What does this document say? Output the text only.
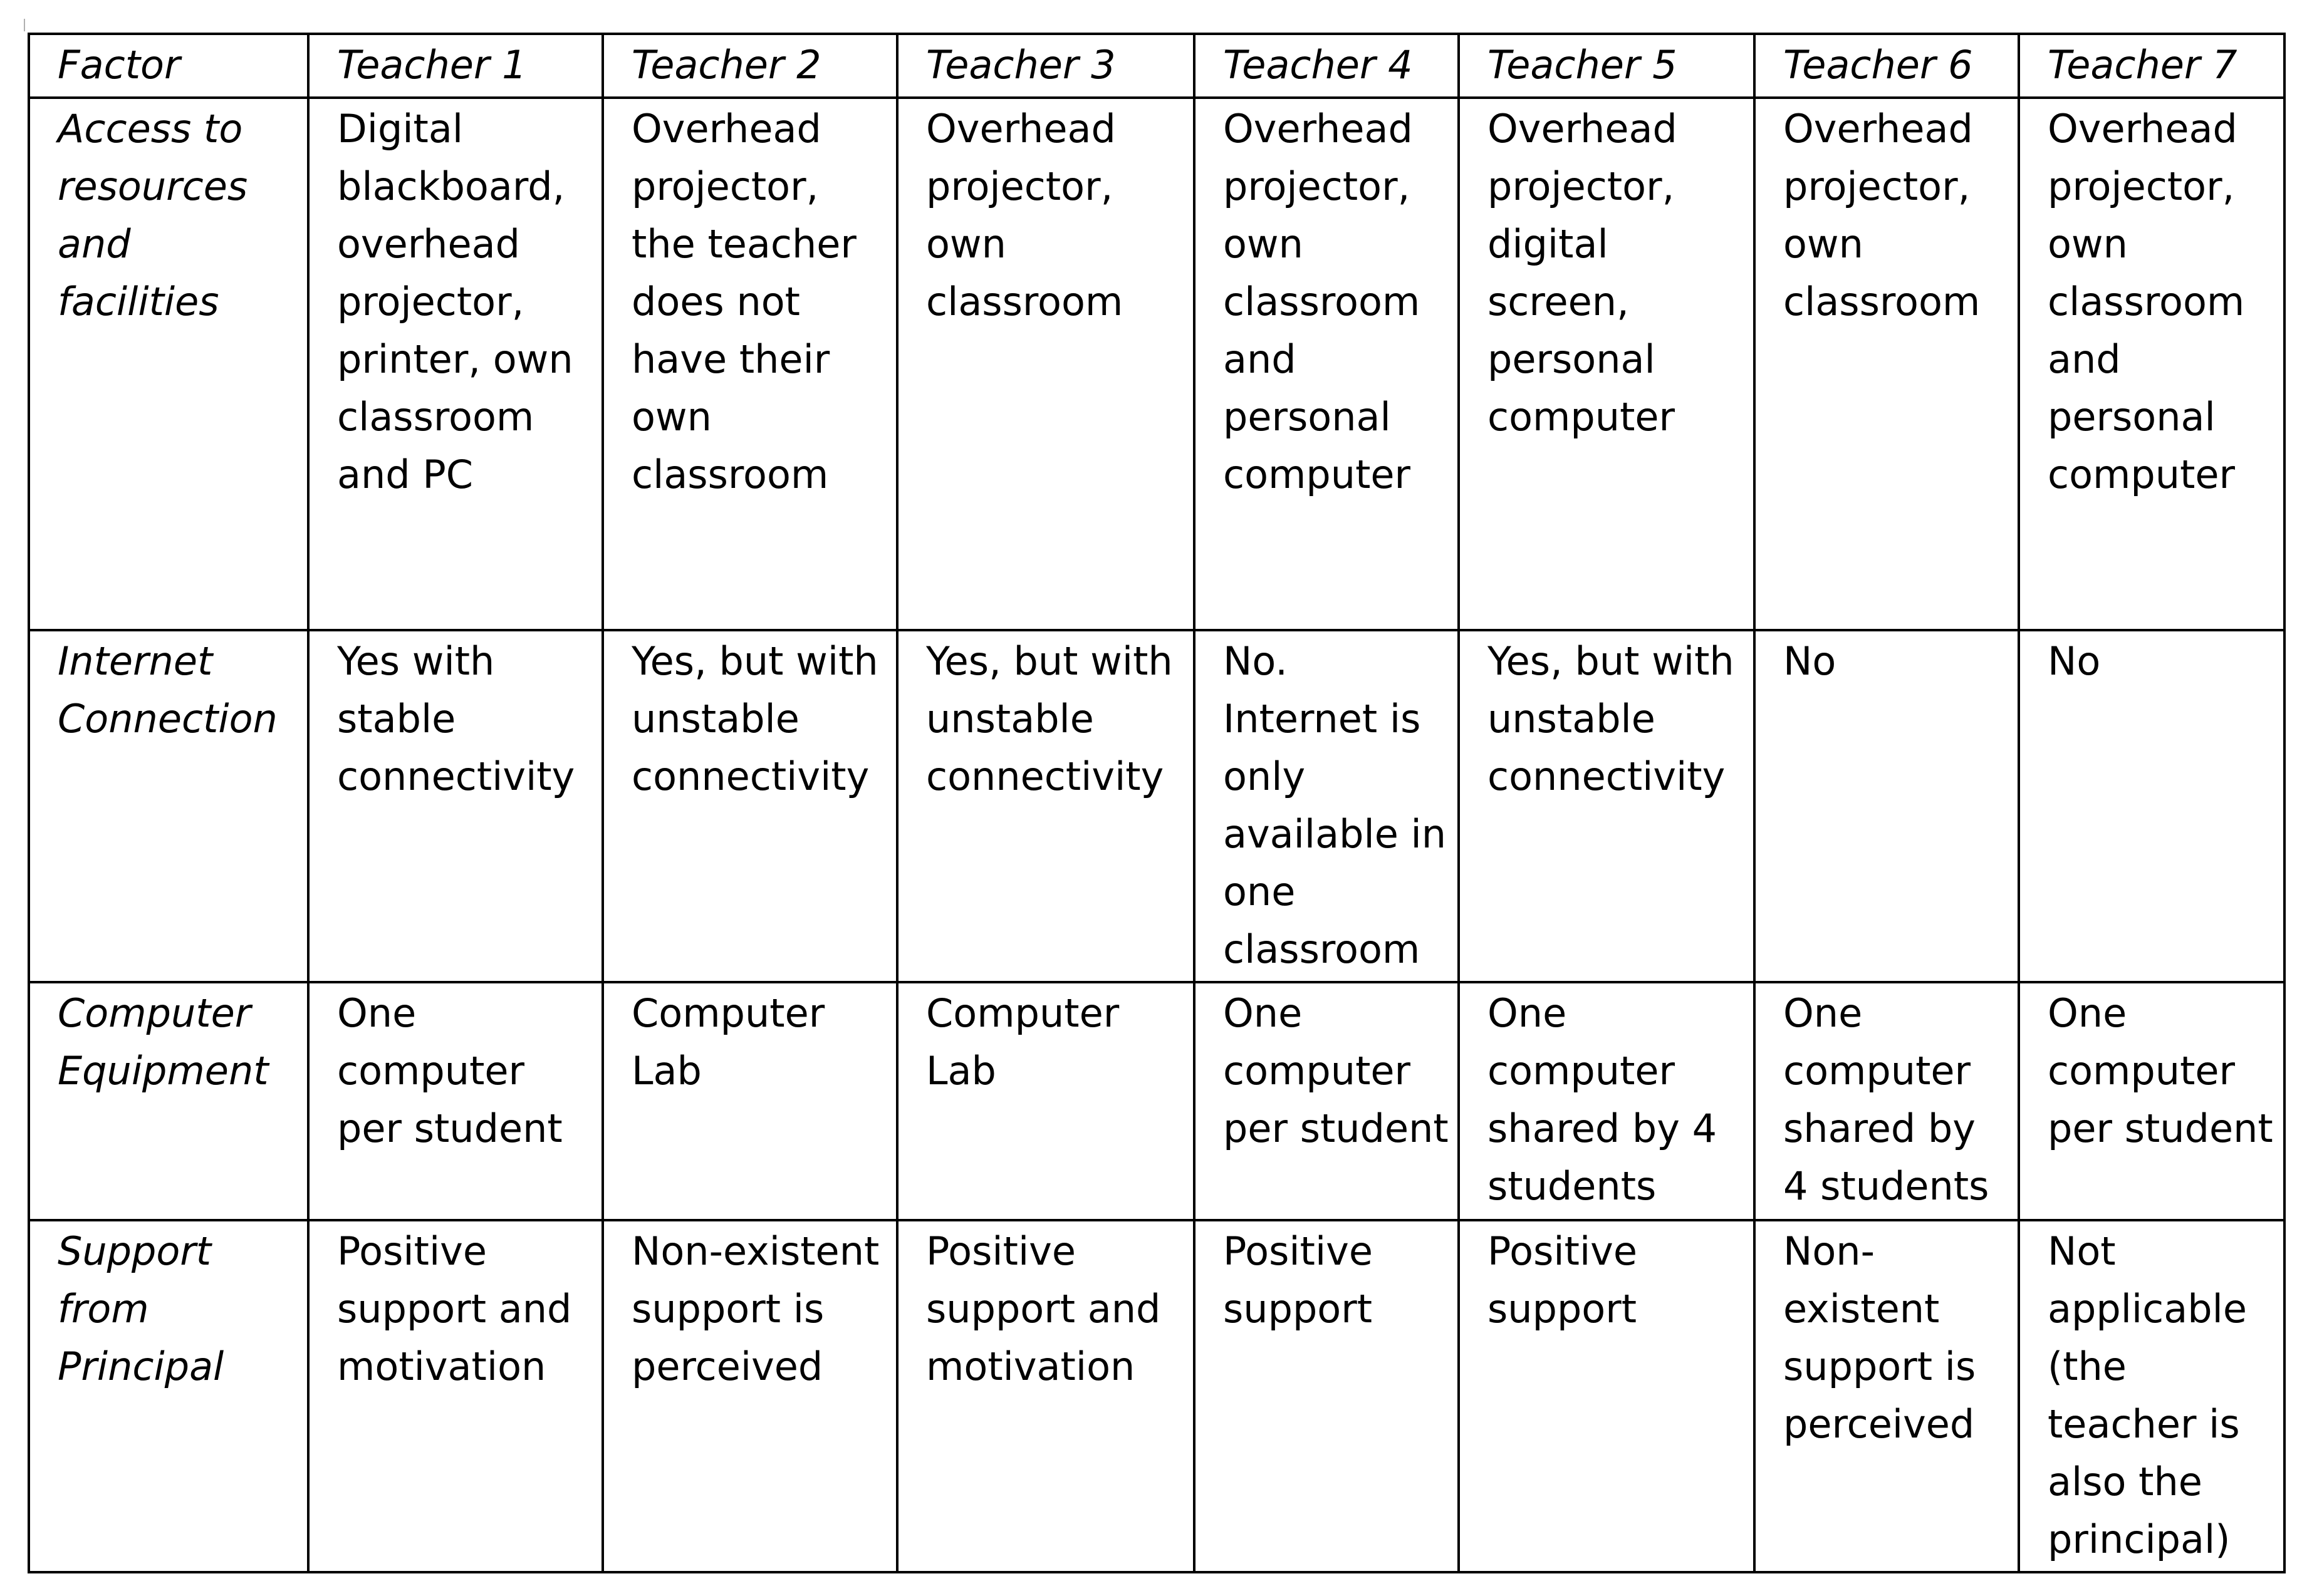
Factor	Teacher 1	Teacher 2	Teacher 3	Teacher 4	Teacher 5	Teacher 6	Teacher 7
Access to resources and facilities	Digital blackboard, overhead projector, printer, own classroom and PC	Overhead projector, the teacher does not have their own classroom	Overhead projector, own classroom	Overhead projector, own classroom and personal computer	Overhead projector, digital screen, personal computer	Overhead projector, own classroom	Overhead projector, own classroom and personal computer
Internet Connection	Yes with stable connectivity	Yes, but with unstable connectivity	Yes, but with unstable connectivity	No. Internet is only available in one classroom	Yes, but with unstable connectivity	No	No
Computer Equipment	One computer per student	Computer Lab	Computer Lab	One computer per student	One computer shared by 4 students	One computer shared by 4 students	One computer per student
Support from Principal	Positive support and motivation	Non-existent support is perceived	Positive support and motivation	Positive support	Positive support	Non-existent support is perceived	Not applicable (the teacher is also the principal)
